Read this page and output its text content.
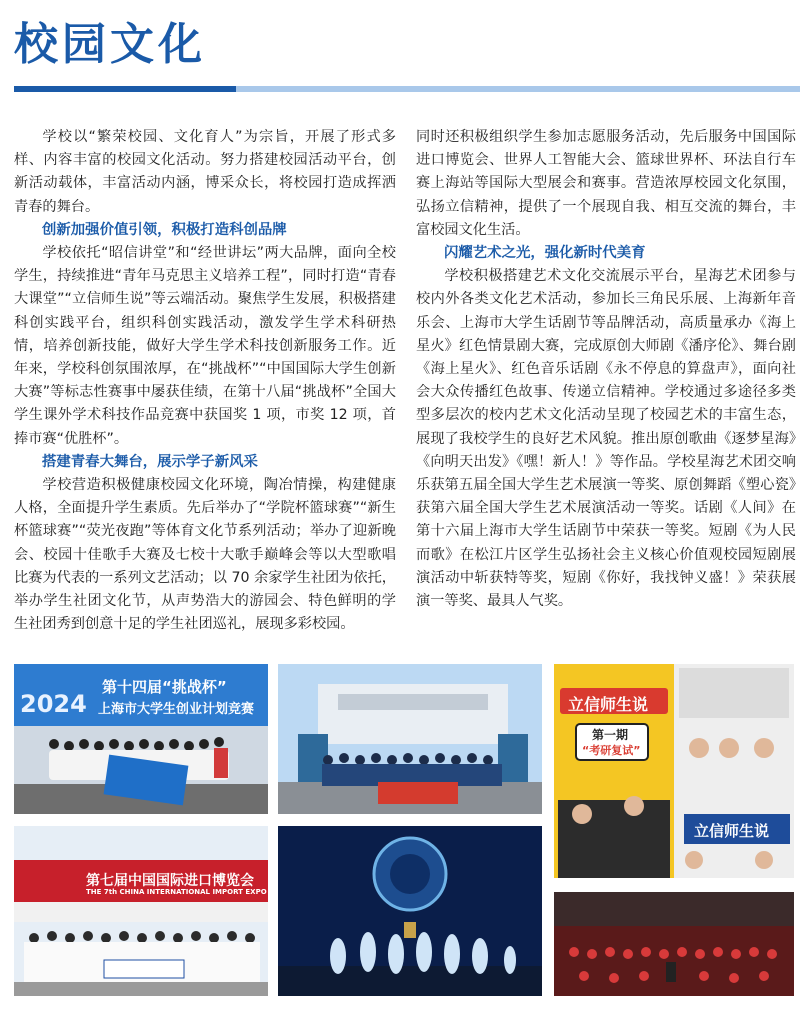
校园文化

学校以“繁荣校园、文化育人”为宗旨，开展了形式多样、内容丰富的校园文化活动。努力搭建校园活动平台，创新活动载体，丰富活动内涵，博采众长，将校园打造成挥洒青春的舞台。

创新加强价值引领，积极打造科创品牌

学校依托“昭信讲堂”和“经世讲坛”两大品牌，面向全校学生，持续推进“青年马克思主义培养工程”，同时打造“青春大课堂”“立信师生说”等云端活动。聚焦学生发展，积极搭建科创实践平台，组织科创实践活动，激发学生学术科研热情，培养创新技能，做好大学生学术科技创新服务工作。近年来，学校科创氛围浓厚，在“挑战杯”“中国国际大学生创新大赛”等标志性赛事中屡获佳绩，在第十八届“挑战杯”全国大学生课外学术科技作品竞赛中获国奖 1 项，市奖 12 项，首捧市赛“优胜杯”。

搭建青春大舞台，展示学子新风采

学校营造积极健康校园文化环境，陶冶情操，构建健康人格，全面提升学生素质。先后举办了“学院杯篮球赛”“新生杯篮球赛”“荧光夜跑”等体育文化节系列活动；举办了迎新晚会、校园十佳歌手大赛及七校十大歌手巅峰会等以大型歌唱比赛为代表的一系列文艺活动；以 70 余家学生社团为依托，举办学生社团文化节，从声势浩大的游园会、特色鲜明的学生社团秀到创意十足的学生社团巡礼，展现多彩校园。

同时还积极组织学生参加志愿服务活动，先后服务中国国际进口博览会、世界人工智能大会、篮球世界杯、环法自行车赛上海站等国际大型展会和赛事。营造浓厚校园文化氛围，弘扬立信精神，提供了一个展现自我、相互交流的舞台，丰富校园文化生活。

闪耀艺术之光，强化新时代美育

学校积极搭建艺术文化交流展示平台，星海艺术团参与校内外各类文化艺术活动，参加长三角民乐展、上海新年音乐会、上海市大学生话剧节等品牌活动，高质量承办《海上星火》红色情景剧大赛，完成原创大师剧《潘序伦》、舞台剧《海上星火》、红色音乐话剧《永不停息的算盘声》，面向社会大众传播红色故事、传递立信精神。学校通过多途径多类型多层次的校内艺术文化活动呈现了校园艺术的丰富生态，展现了我校学生的良好艺术风貌。推出原创歌曲《逐梦星海》《向明天出发》《嘿！新人！》等作品。学校星海艺术团交响乐获第五届全国大学生艺术展演一等奖、原创舞蹈《塑心瓷》获第六届全国大学生艺术展演活动一等奖。话剧《人间》在第十六届上海市大学生话剧节中荣获一等奖。短剧《为人民而歌》在松江片区学生弘扬社会主义核心价值观校园短剧展演活动中斩获特等奖，短剧《你好，我找钟义盛！》荣获展演一等奖、最具人气奖。

2024
第十四届“挑战杯”
上海市大学生创业计划竞赛	立信师生说
第一期
“考研复试”
立信师生说
第七届中国国际进口博览会
THE 7th CHINA INTERNATIONAL IMPORT EXPO
